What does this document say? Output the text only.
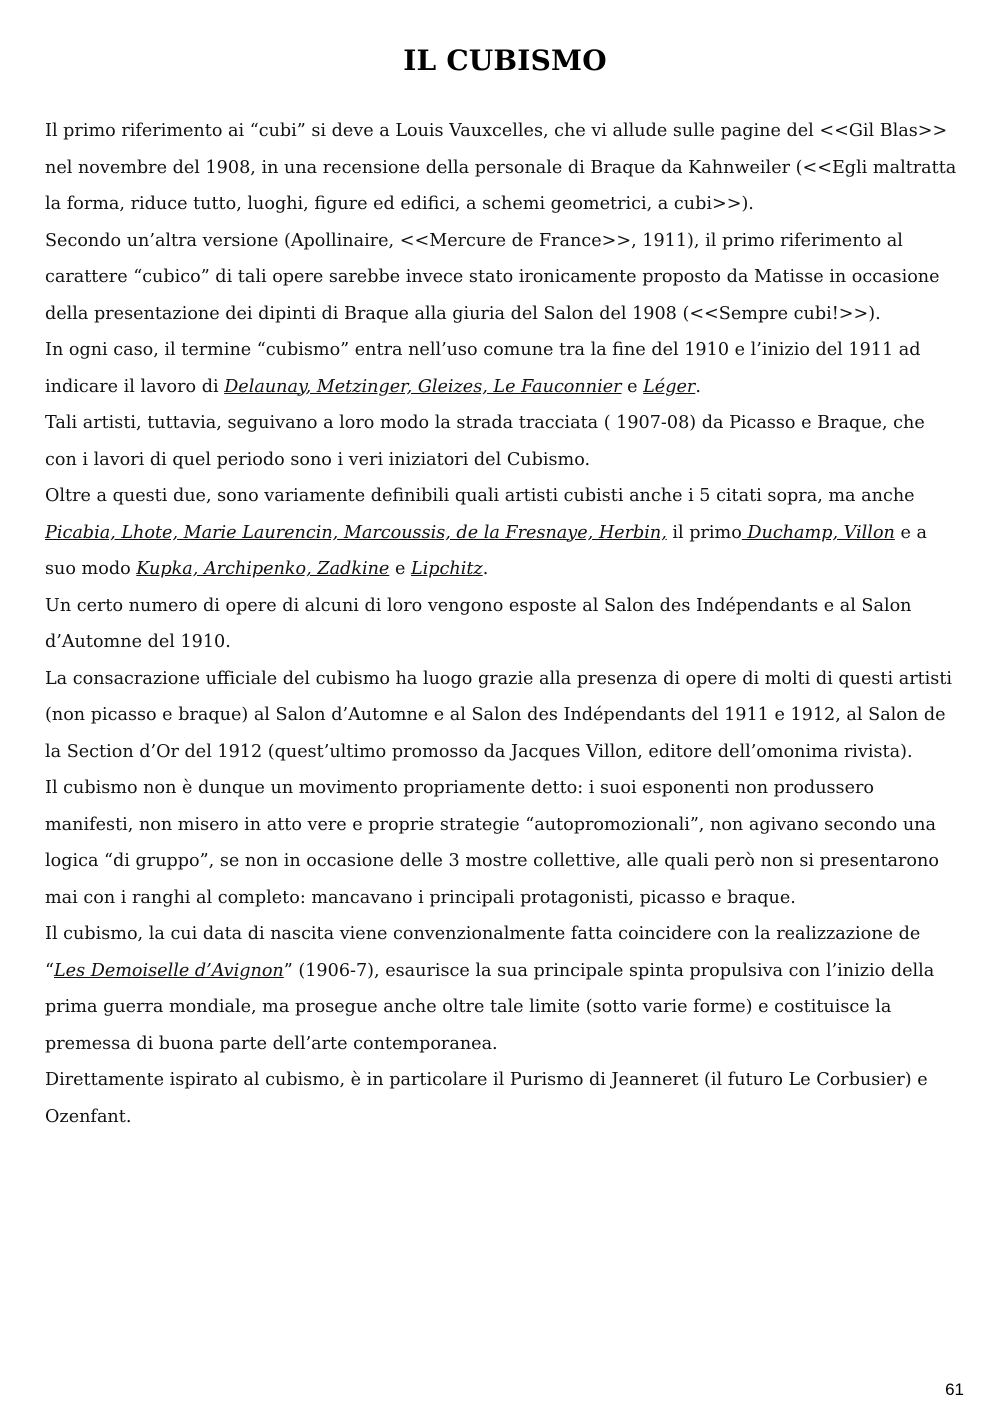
IL CUBISMO

Il primo riferimento ai “cubi” si deve a Louis Vauxcelles, che vi allude sulle pagine del <<Gil Blas>> nel novembre del 1908, in una recensione della personale di Braque da Kahnweiler (<<Egli maltratta la forma, riduce tutto, luoghi, figure ed edifici, a schemi geometrici, a cubi>>).

Secondo un’altra versione (Apollinaire, <<Mercure de France>>, 1911), il primo riferimento al carattere “cubico” di tali opere sarebbe invece stato ironicamente proposto da Matisse in occasione della presentazione dei dipinti di Braque alla giuria del Salon del 1908 (<<Sempre cubi!>>).

In ogni caso, il termine “cubismo” entra nell’uso comune tra la fine del 1910 e l’inizio del 1911 ad indicare il lavoro di Delaunay, Metzinger, Gleizes, Le Fauconnier e Léger.

Tali artisti, tuttavia, seguivano a loro modo la strada tracciata ( 1907-08) da Picasso e Braque, che con i lavori di quel periodo sono i veri iniziatori del Cubismo.

Oltre a questi due, sono variamente definibili quali artisti cubisti anche i 5 citati sopra, ma anche Picabia, Lhote, Marie Laurencin, Marcoussis, de la Fresnaye, Herbin, il primo Duchamp, Villon e a suo modo Kupka, Archipenko, Zadkine e Lipchitz.

Un certo numero di opere di alcuni di loro vengono esposte al Salon des Indépendants e al Salon d’Automne del 1910.

La consacrazione ufficiale del cubismo ha luogo grazie alla presenza di opere di molti di questi artisti (non picasso e braque) al Salon d’Automne e al Salon des Indépendants del 1911 e 1912, al Salon de la Section d’Or del 1912 (quest’ultimo promosso da Jacques Villon, editore dell’omonima rivista).

Il cubismo non è dunque un movimento propriamente detto: i suoi esponenti non produssero manifesti, non misero in atto vere e proprie strategie “autopromozionali”, non agivano secondo una logica “di gruppo”, se non in occasione delle 3 mostre collettive, alle quali però non si presentarono mai con i ranghi al completo: mancavano i principali protagonisti, picasso e braque.

Il cubismo, la cui data di nascita viene convenzionalmente fatta coincidere con la realizzazione de “Les Demoiselle d’Avignon” (1906-7), esaurisce la sua principale spinta propulsiva con l’inizio della prima guerra mondiale, ma prosegue anche oltre tale limite (sotto varie forme) e costituisce la premessa di buona parte dell’arte contemporanea.

Direttamente ispirato al cubismo, è in particolare il Purismo di Jeanneret (il futuro Le Corbusier) e Ozenfant.

61
